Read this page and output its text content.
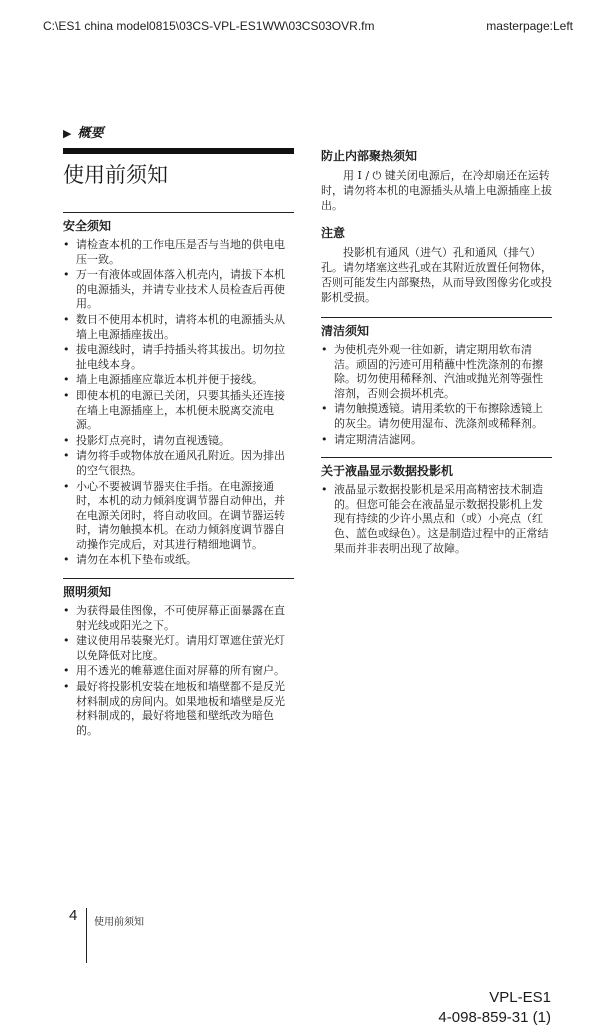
C:\ES1 china model0815\03CS-VPL-ES1WW\03CS03OVR.fm	masterpage:Left
▶ 概要
使用前须知
安全须知
• 请检查本机的工作电压是否与当地的供电电压一致。
• 万一有液体或固体落入机壳内，请拔下本机的电源插头，并请专业技术人员检查后再使用。
• 数日不使用本机时，请将本机的电源插头从墙上电源插座拔出。
• 拔电源线时，请手持插头将其拔出。切勿拉扯电线本身。
• 墙上电源插座应靠近本机并便于接线。
• 即使本机的电源已关闭，只要其插头还连接在墙上电源插座上，本机便未脱离交流电源。
• 投影灯点亮时，请勿直视透镜。
• 请勿将手或物体放在通风孔附近。因为排出的空气很热。
• 小心不要被调节器夹住手指。在电源接通时，本机的动力倾斜度调节器自动伸出，并在电源关闭时，将自动收回。在调节器运转时，请勿触摸本机。在动力倾斜度调节器自动操作完成后，对其进行精细地调节。
• 请勿在本机下垫布或纸。
照明须知
• 为获得最佳图像，不可使屏幕正面暴露在直射光线或阳光之下。
• 建议使用吊装聚光灯。请用灯罩遮住萤光灯以免降低对比度。
• 用不透光的帷幕遮住面对屏幕的所有窗户。
• 最好将投影机安装在地板和墙壁都不是反光材料制成的房间内。如果地板和墙壁是反光材料制成的，最好将地毯和壁纸改为暗色的。
防止内部聚热须知

用 I / ⏻ 键关闭电源后，在冷却扇还在运转时，请勿将本机的电源插头从墙上电源插座上拔出。

注意

投影机有通风（进气）孔和通风（排气）孔。请勿堵塞这些孔或在其附近放置任何物体，否则可能发生内部聚热，从而导致图像劣化或投影机受损。

清洁须知
• 为使机壳外观一往如新，请定期用软布清洁。顽固的污迹可用稍蘸中性洗涤剂的布擦除。切勿使用稀释剂、汽油或抛光剂等强性溶剂，否则会损坏机壳。
• 请勿触摸透镜。请用柔软的干布擦除透镜上的灰尘。请勿使用湿布、洗涤剂或稀释剂。
• 请定期清洁滤网。
关于液晶显示数据投影机
• 液晶显示数据投影机是采用高精密技术制造的。但您可能会在液晶显示数据投影机上发现有持续的少许小黑点和（或）小亮点（红色、蓝色或绿色）。这是制造过程中的正常结果而并非表明出现了故障。
4 使用前须知
VPL-ES1
4-098-859-31 (1)
